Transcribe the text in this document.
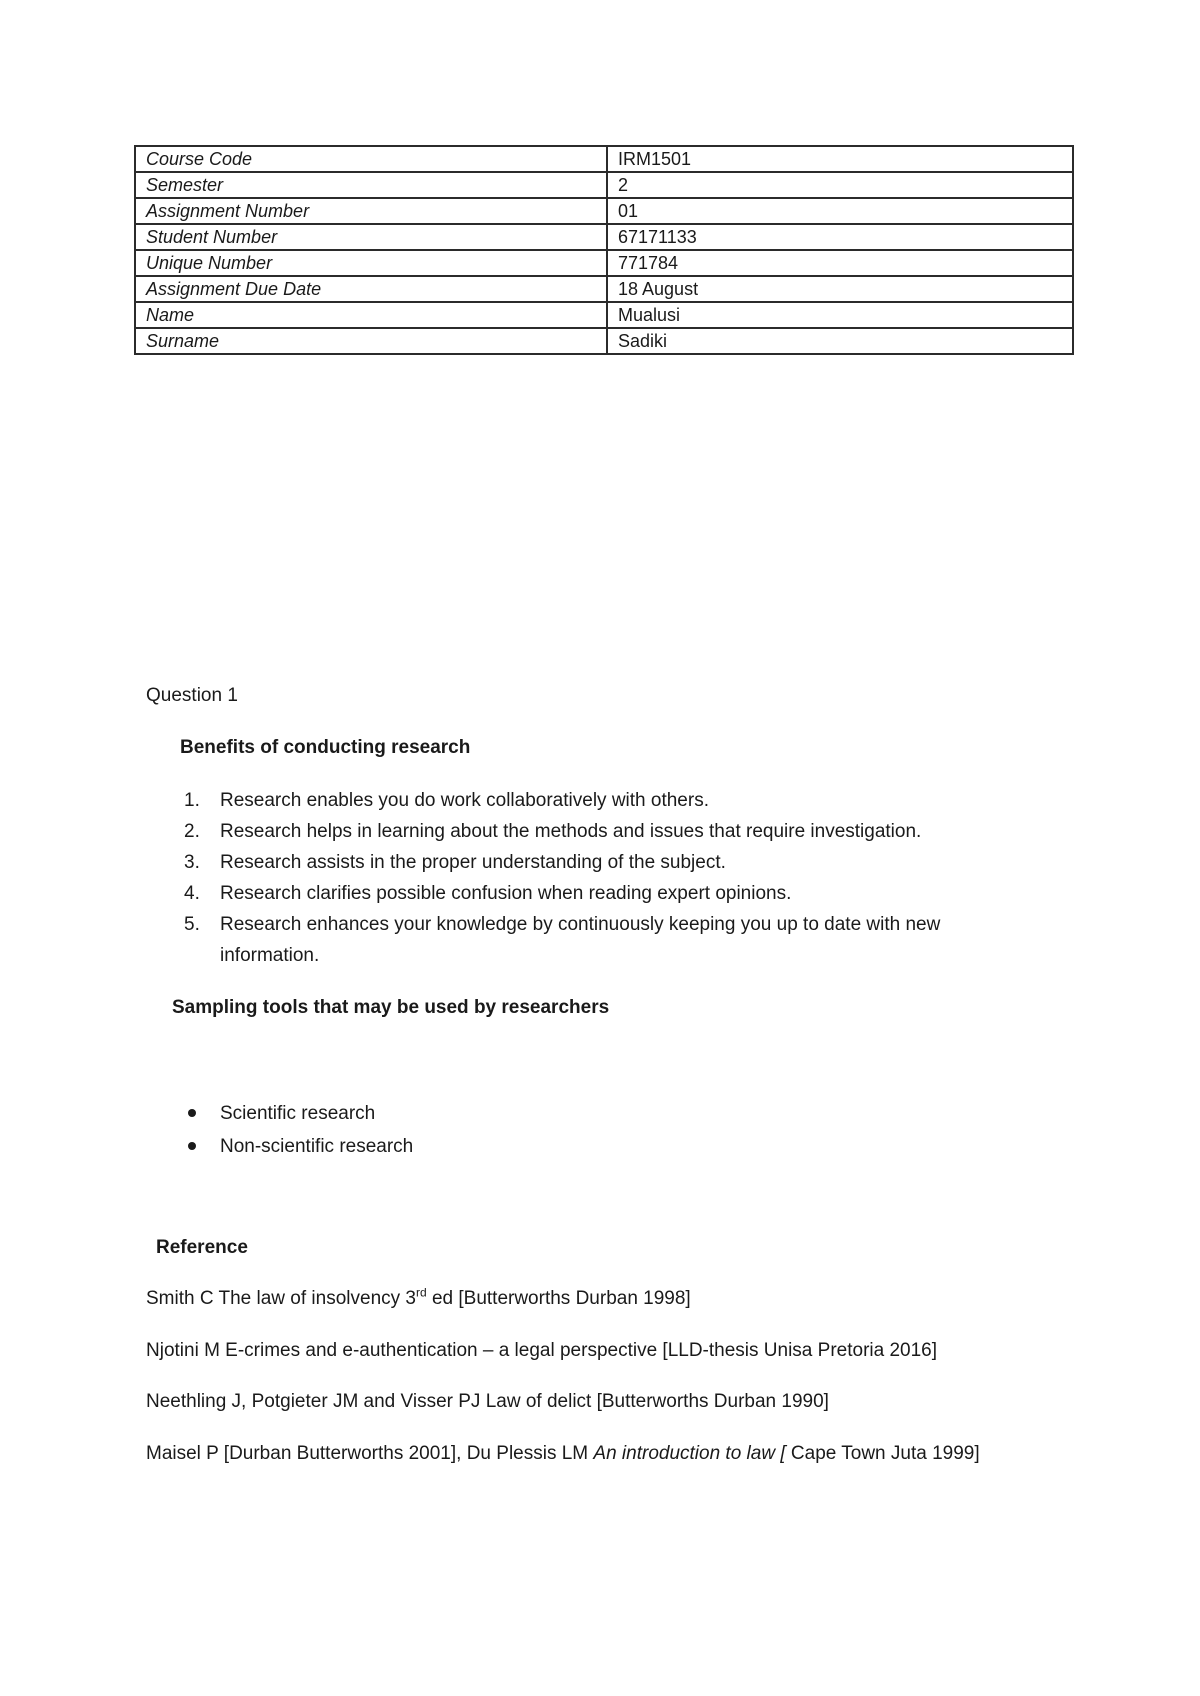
Course Code	IRM1501
Semester	2
Assignment Number	01
Student Number	67171133
Unique Number	771784
Assignment Due Date	18 August
Name	Mualusi
Surname	Sadiki
Question 1
Benefits of conducting research
1. Research enables you do work collaboratively with others.
2. Research helps in learning about the methods and issues that require investigation.
3. Research assists in the proper understanding of the subject.
4. Research clarifies possible confusion when reading expert opinions.
5. Research enhances your knowledge by continuously keeping you up to date with new information.
Sampling tools that may be used by researchers
Scientific research
Non-scientific research
Reference
Smith C The law of insolvency 3rd ed [Butterworths Durban 1998]
Njotini M E-crimes and e-authentication – a legal perspective [LLD-thesis Unisa Pretoria 2016]
Neethling J, Potgieter JM and Visser PJ Law of delict [Butterworths Durban 1990]
Maisel P [Durban Butterworths 2001], Du Plessis LM An introduction to law [ Cape Town Juta 1999]
